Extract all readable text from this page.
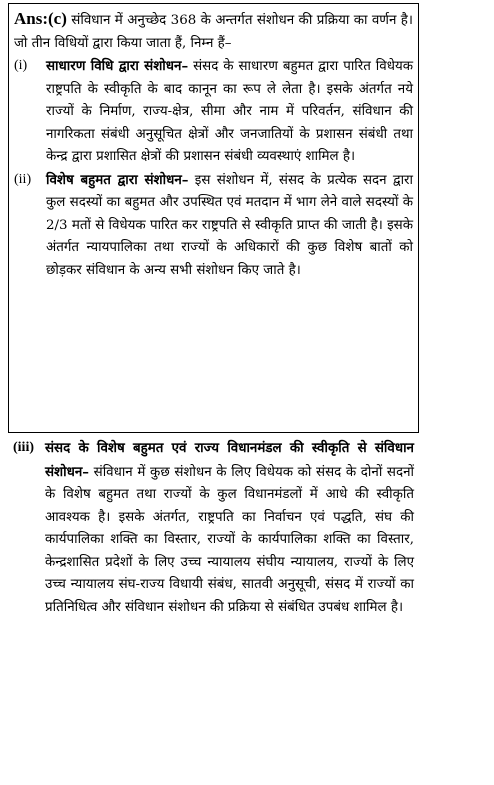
Ans:(c) संविधान में अनुच्छेद 368 के अन्तर्गत संशोधन की प्रक्रिया का वर्णन है। जो तीन विधियों द्वारा किया जाता हैं, निम्न हैं–

(i)	साधारण विधि द्वारा संशोधन– संसद के साधारण बहुमत द्वारा पारित विधेयक राष्ट्रपति के स्वीकृति के बाद कानून का रूप ले लेता है। इसके अंतर्गत नये राज्यों के निर्माण, राज्य-क्षेत्र, सीमा और नाम में परिवर्तन, संविधान की नागरिकता संबंधी अनुसूचित क्षेत्रों और जनजातियों के प्रशासन संबंधी तथा केन्द्र द्वारा प्रशासित क्षेत्रों की प्रशासन संबंधी व्यवस्थाएं शामिल है।

(ii)	विशेष बहुमत द्वारा संशोधन– इस संशोधन में, संसद के प्रत्येक सदन द्वारा कुल सदस्यों का बहुमत और उपस्थित एवं मतदान में भाग लेने वाले सदस्यों के 2/3 मतों से विधेयक पारित कर राष्ट्रपति से स्वीकृति प्राप्त की जाती है। इसके अंतर्गत न्यायपालिका तथा राज्यों के अधिकारों की कुछ विशेष बातों को छोड़कर संविधान के अन्य सभी संशोधन किए जाते है।

(iii) संसद के विशेष बहुमत एवं राज्य विधानमंडल की स्वीकृति से संविधान संशोधन– संविधान में कुछ संशोधन के लिए विधेयक को संसद के दोनों सदनों के विशेष बहुमत तथा राज्यों के कुल विधानमंडलों में आधे की स्वीकृति आवश्यक है। इसके अंतर्गत, राष्ट्रपति का निर्वाचन एवं पद्धति, संघ की कार्यपालिका शक्ति का विस्तार, राज्यों के कार्यपालिका शक्ति का विस्तार, केन्द्रशासित प्रदेशों के लिए उच्च न्यायालय संघीय न्यायालय, राज्यों के लिए उच्च न्यायालय संघ-राज्य विधायी संबंध, सातवी अनुसूची, संसद में राज्यों का प्रतिनिधित्व और संविधान संशोधन की प्रक्रिया से संबंधित उपबंध शामिल है।
